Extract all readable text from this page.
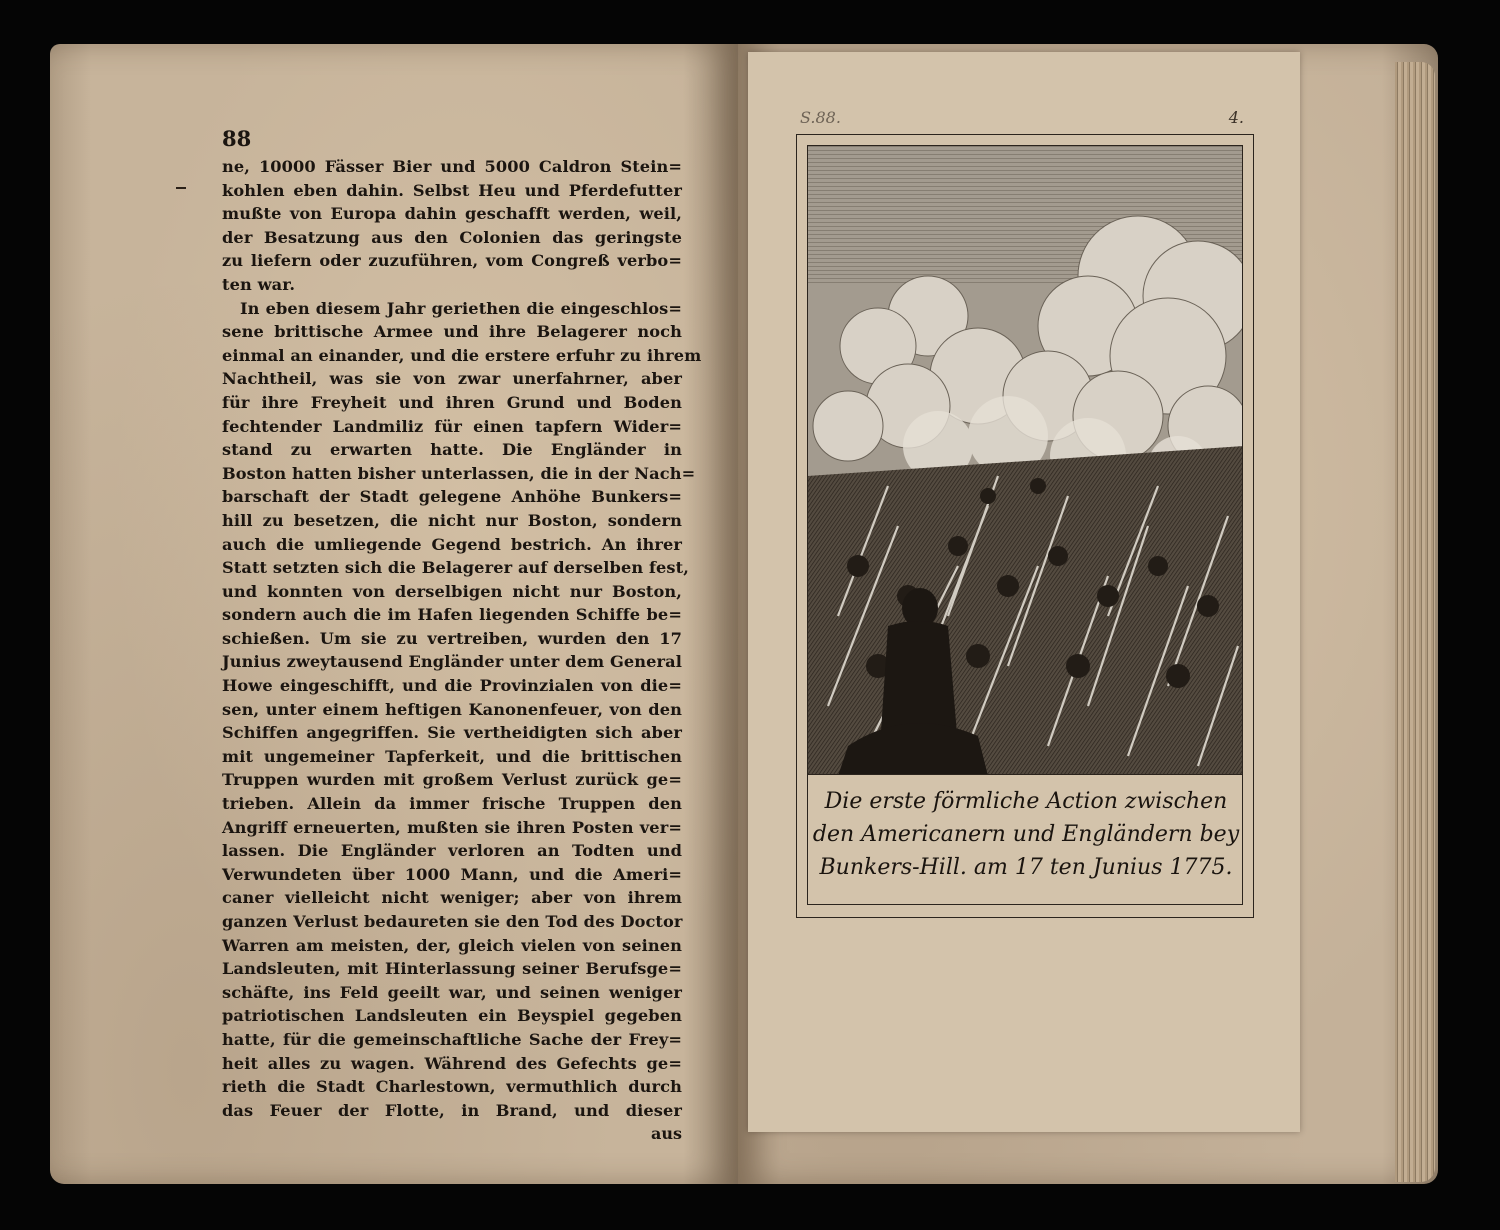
88
ne, 10000 Fässer Bier und 5000 Caldron Stein=
kohlen eben dahin. Selbst Heu und Pferdefutter
mußte von Europa dahin geschafft werden, weil,
der Besatzung aus den Colonien das geringste
zu liefern oder zuzuführen, vom Congreß verbo=
ten war.
In eben diesem Jahr geriethen die eingeschlos=
sene brittische Armee und ihre Belagerer noch
einmal an einander, und die erstere erfuhr zu ihrem
Nachtheil, was sie von zwar unerfahrner, aber
für ihre Freyheit und ihren Grund und Boden
fechtender Landmiliz für einen tapfern Wider=
stand zu erwarten hatte. Die Engländer in
Boston hatten bisher unterlassen, die in der Nach=
barschaft der Stadt gelegene Anhöhe Bunkers=
hill zu besetzen, die nicht nur Boston, sondern
auch die umliegende Gegend bestrich. An ihrer
Statt setzten sich die Belagerer auf derselben fest,
und konnten von derselbigen nicht nur Boston,
sondern auch die im Hafen liegenden Schiffe be=
schießen. Um sie zu vertreiben, wurden den 17
Junius zweytausend Engländer unter dem General
Howe eingeschifft, und die Provinzialen von die=
sen, unter einem heftigen Kanonenfeuer, von den
Schiffen angegriffen. Sie vertheidigten sich aber
mit ungemeiner Tapferkeit, und die brittischen
Truppen wurden mit großem Verlust zurück ge=
trieben. Allein da immer frische Truppen den
Angriff erneuerten, mußten sie ihren Posten ver=
lassen. Die Engländer verloren an Todten und
Verwundeten über 1000 Mann, und die Ameri=
caner vielleicht nicht weniger; aber von ihrem
ganzen Verlust bedaureten sie den Tod des Doctor
Warren am meisten, der, gleich vielen von seinen
Landsleuten, mit Hinterlassung seiner Berufsge=
schäfte, ins Feld geeilt war, und seinen weniger
patriotischen Landsleuten ein Beyspiel gegeben
hatte, für die gemeinschaftliche Sache der Frey=
heit alles zu wagen. Während des Gefechts ge=
rieth die Stadt Charlestown, vermuthlich durch
das Feuer der Flotte, in Brand, und dieser
aus
S.88.	4.
Die erste förmliche Action zwischen
den Americanern und Engländern bey
Bunkers-Hill. am 17 ten Junius 1775.
